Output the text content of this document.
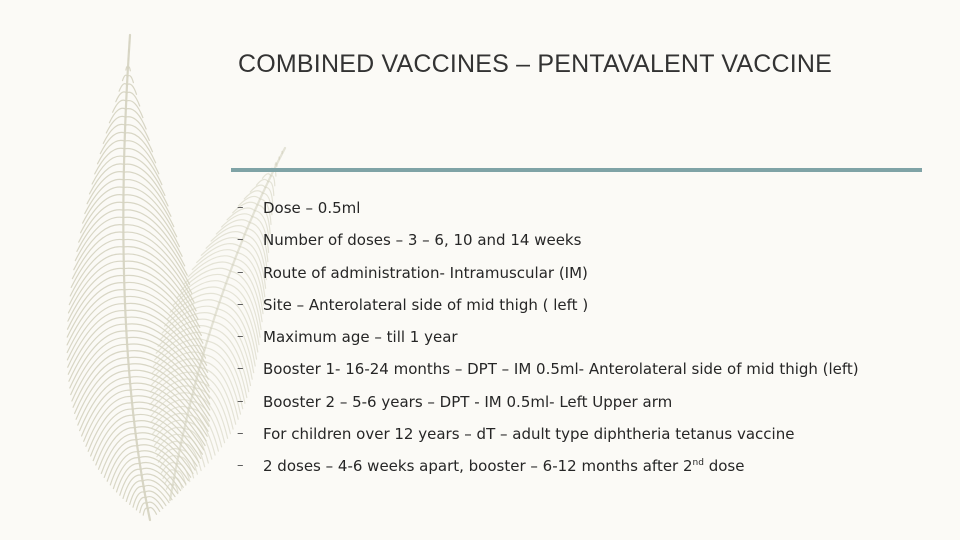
COMBINED VACCINES – PENTAVALENT VACCINE
–	Dose – 0.5ml
–	Number of doses – 3 – 6, 10 and 14 weeks
–	Route of administration- Intramuscular (IM)
–	Site – Anterolateral side of mid thigh ( left )
–	Maximum age – till 1 year
–	Booster 1- 16-24 months – DPT – IM 0.5ml- Anterolateral side of mid thigh (left)
–	Booster 2 – 5-6 years – DPT - IM 0.5ml- Left Upper arm
–	For children over 12 years – dT – adult type diphtheria tetanus vaccine
–	2 doses – 4-6 weeks apart, booster – 6-12 months after 2nd dose
